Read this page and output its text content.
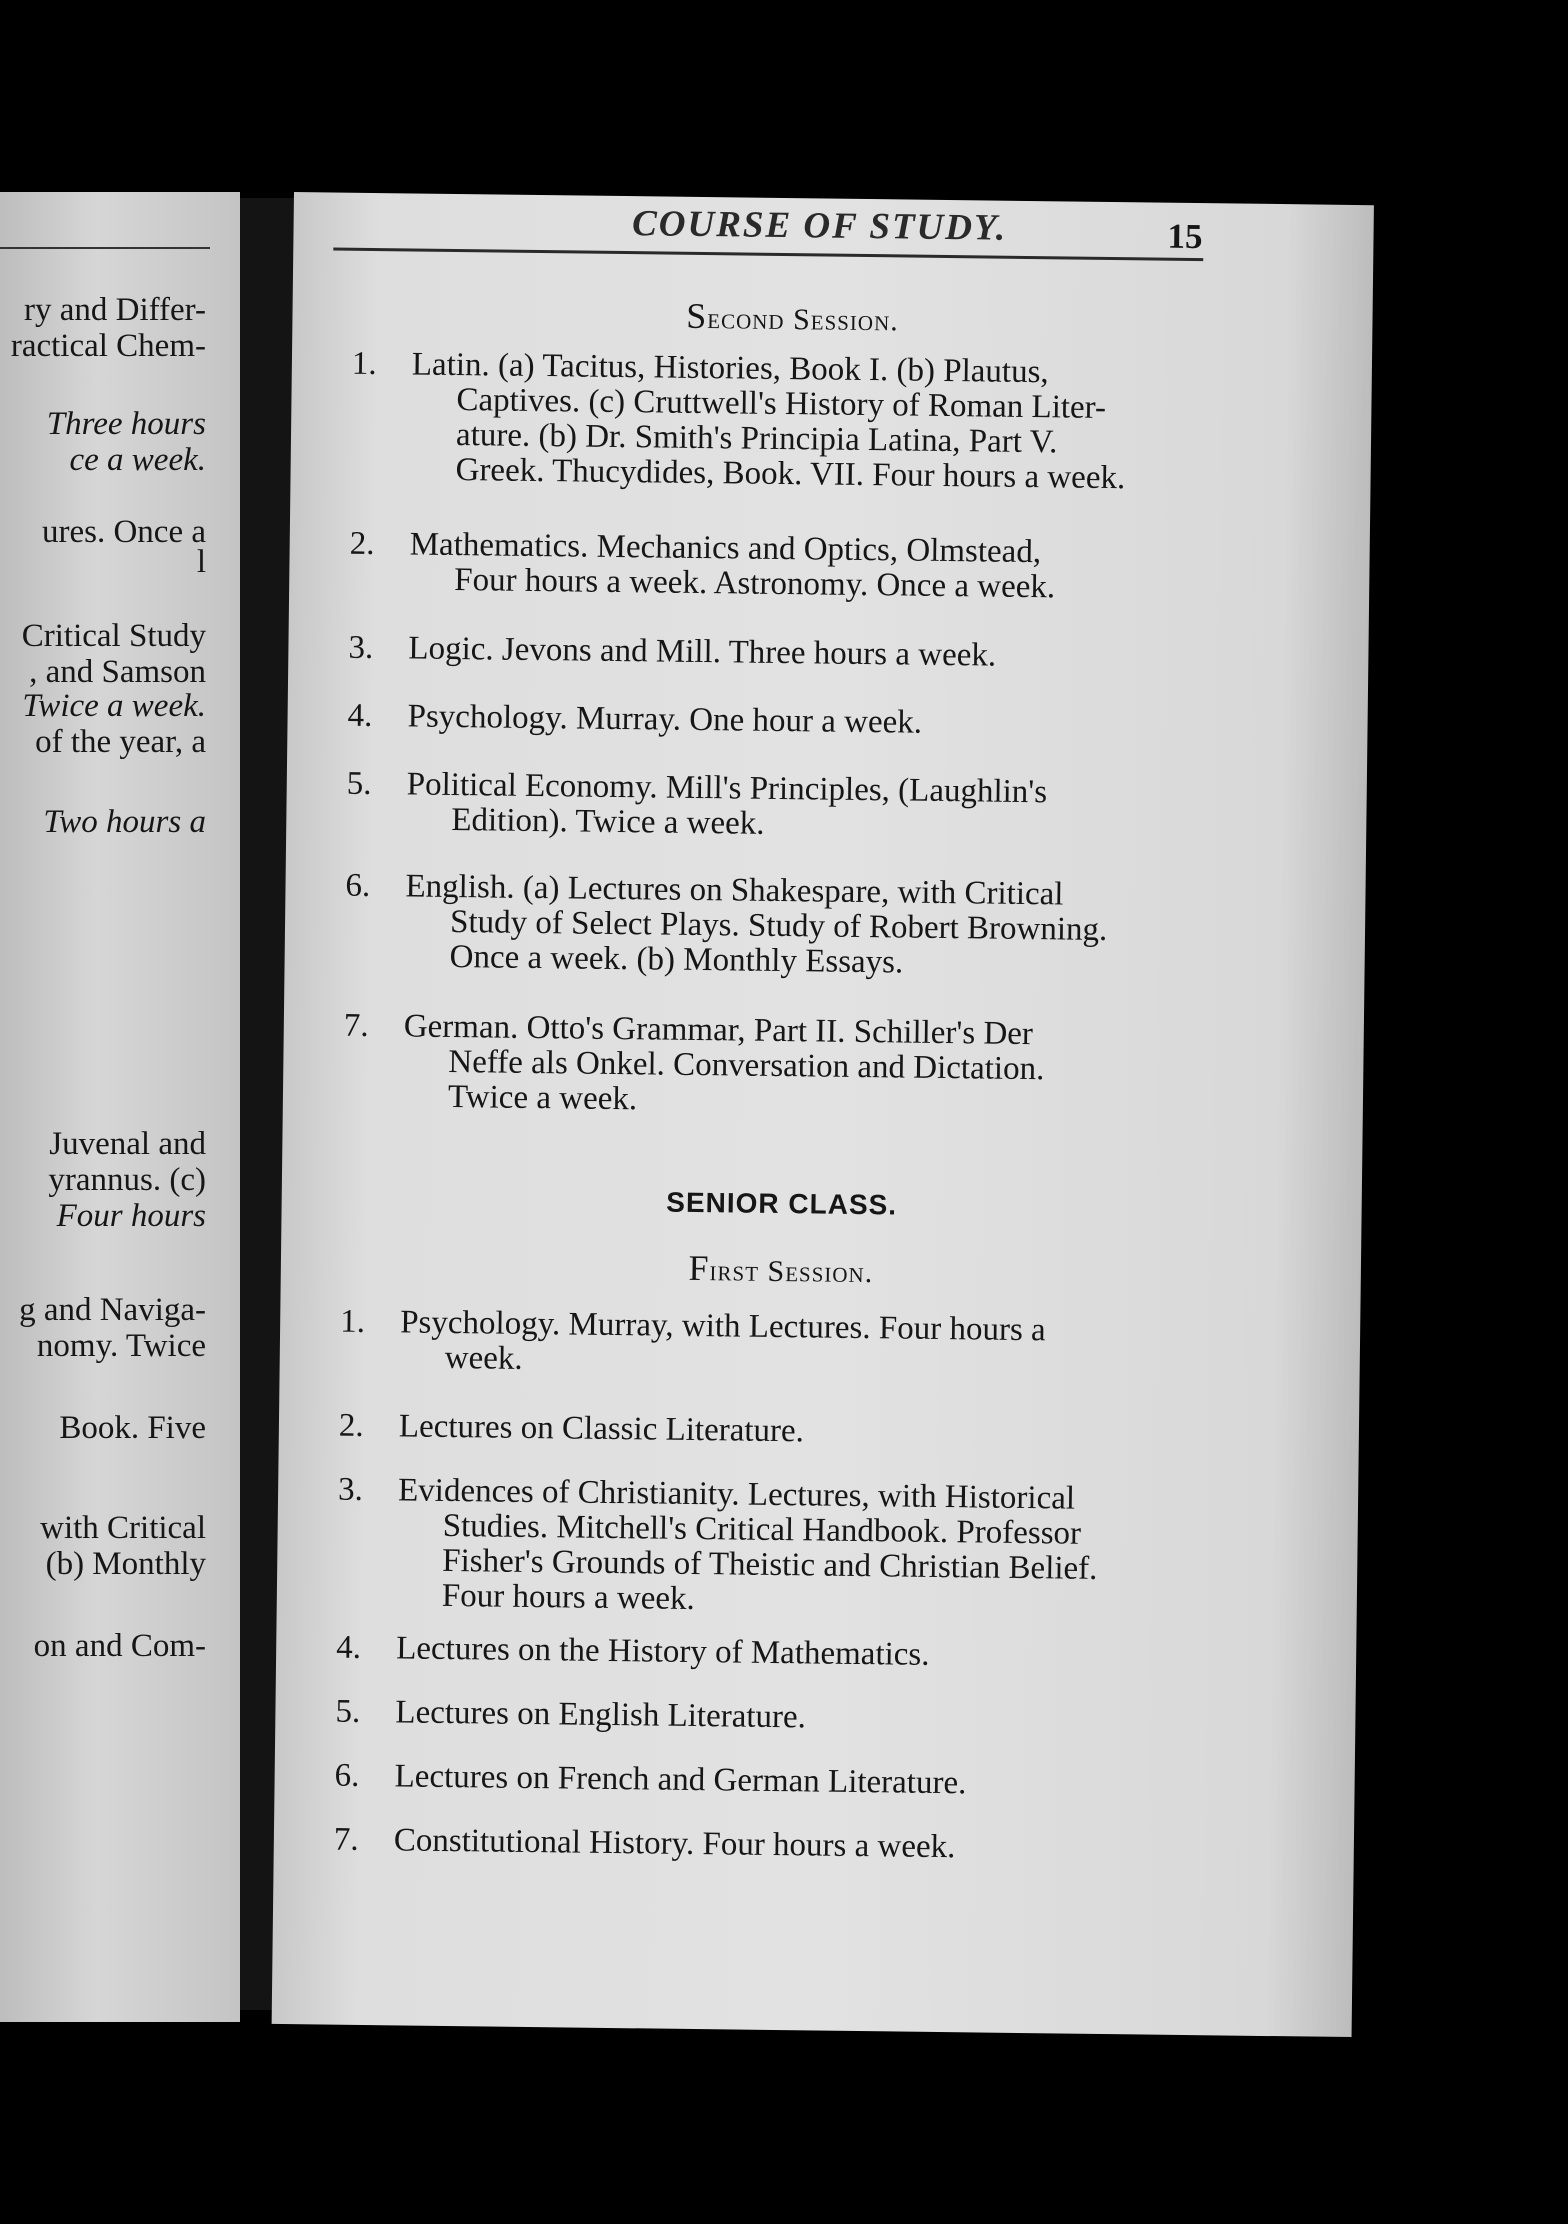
ry and Differ-
ractical Chem-
Three hours
ce a week.
ures. Once a
l
Critical Study
, and Samson
Twice a week.
of the year, a
Two hours a
Juvenal and
yrannus. (c)
Four hours
g and Naviga-
nomy. Twice
Book. Five
with Critical
(b) Monthly
on and Com-
COURSE OF STUDY.	15
Second Session.
1.	Latin. (a) Tacitus, Histories, Book I. (b) Plautus,
Captives. (c) Cruttwell's History of Roman Liter-
ature. (b) Dr. Smith's Principia Latina, Part V.
Greek. Thucydides, Book. VII. Four hours a week.
2.	Mathematics. Mechanics and Optics, Olmstead,
Four hours a week. Astronomy. Once a week.
3.	Logic. Jevons and Mill. Three hours a week.
4.	Psychology. Murray. One hour a week.
5.	Political Economy. Mill's Principles, (Laughlin's
Edition). Twice a week.
6.	English. (a) Lectures on Shakespare, with Critical
Study of Select Plays. Study of Robert Browning.
Once a week. (b) Monthly Essays.
7.	German. Otto's Grammar, Part II. Schiller's Der
Neffe als Onkel. Conversation and Dictation.
Twice a week.
SENIOR CLASS.
First Session.
1.	Psychology. Murray, with Lectures. Four hours a
week.
2.	Lectures on Classic Literature.
3.	Evidences of Christianity. Lectures, with Historical
Studies. Mitchell's Critical Handbook. Professor
Fisher's Grounds of Theistic and Christian Belief.
Four hours a week.
4.	Lectures on the History of Mathematics.
5.	Lectures on English Literature.
6.	Lectures on French and German Literature.
7.	Constitutional History. Four hours a week.
